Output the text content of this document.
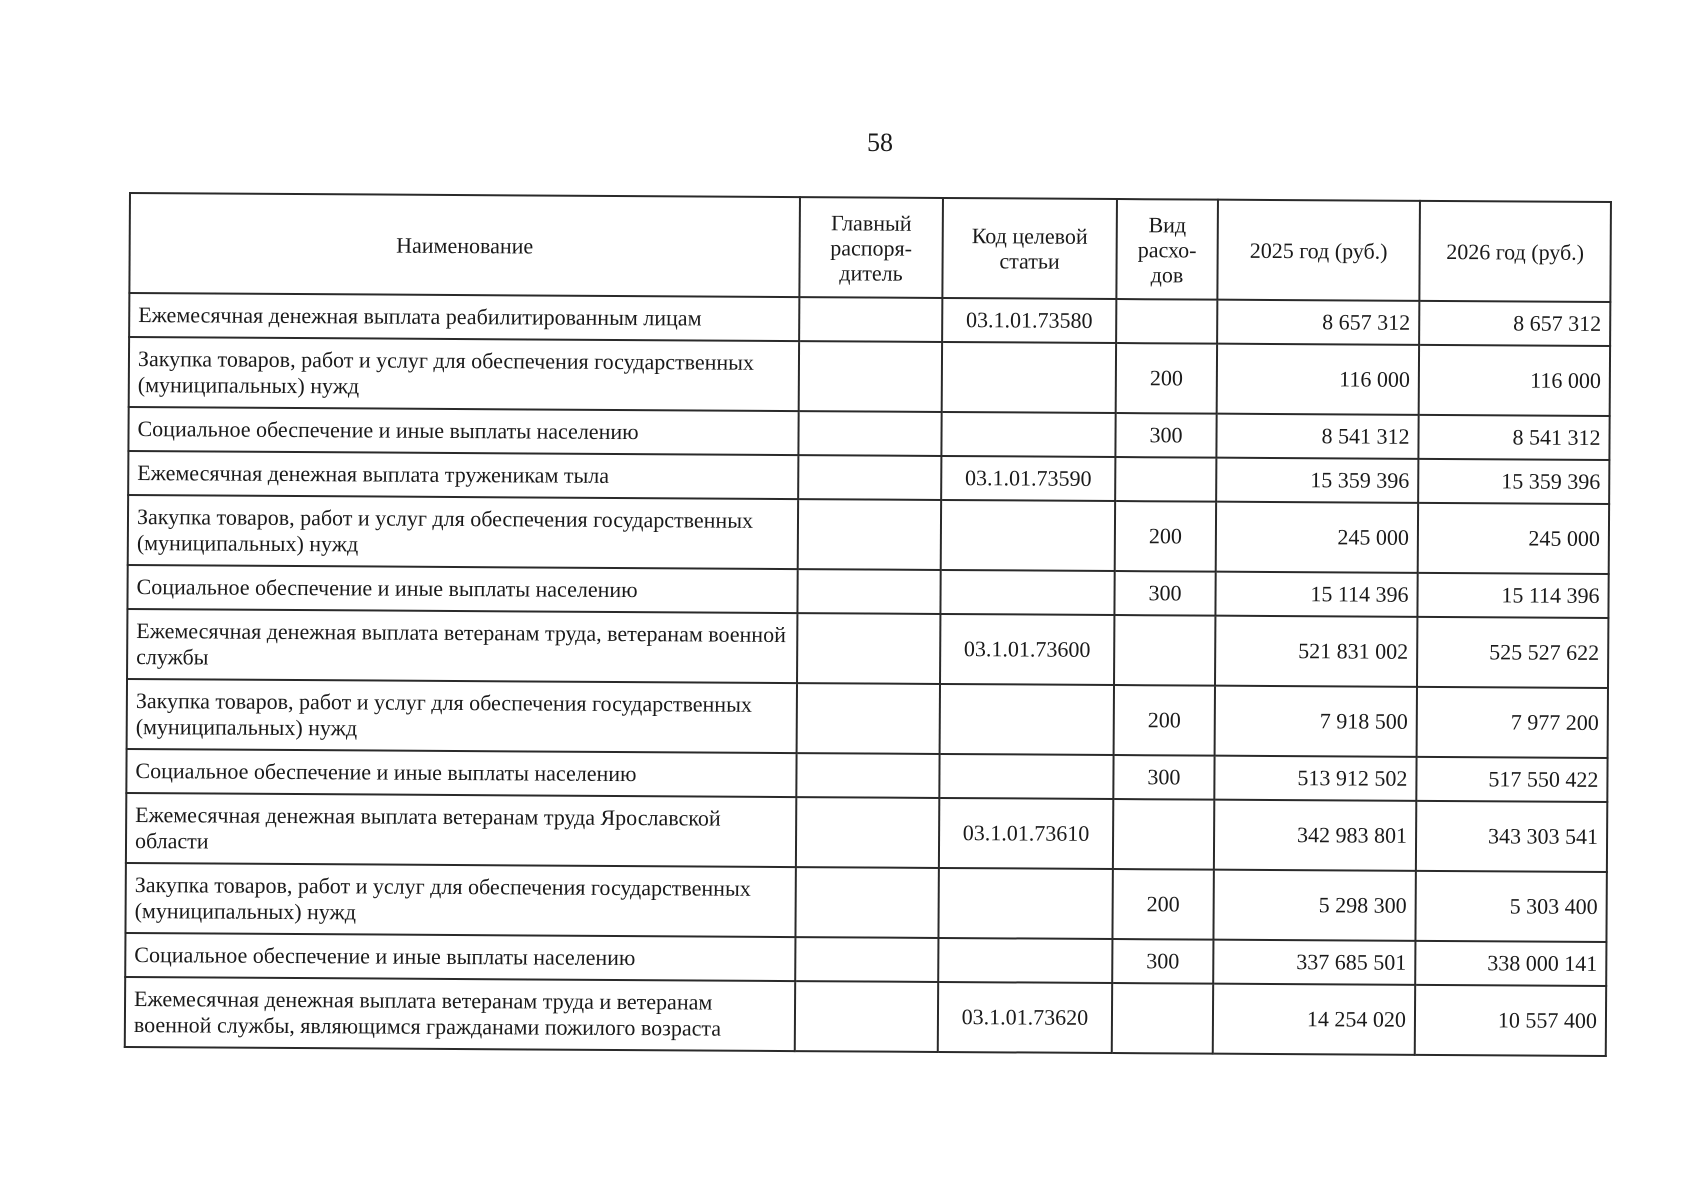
58
Наименование	Главный распоря-дитель	Код целевой статьи	Вид расхо-дов	2025 год (руб.)	2026 год (руб.)
Ежемесячная денежная выплата реабилитированным лицам		03.1.01.73580		8 657 312	8 657 312
Закупка товаров, работ и услуг для обеспечения государственных (муниципальных) нужд			200	116 000	116 000
Социальное обеспечение и иные выплаты населению			300	8 541 312	8 541 312
Ежемесячная денежная выплата труженикам тыла		03.1.01.73590		15 359 396	15 359 396
Закупка товаров, работ и услуг для обеспечения государственных (муниципальных) нужд			200	245 000	245 000
Социальное обеспечение и иные выплаты населению			300	15 114 396	15 114 396
Ежемесячная денежная выплата ветеранам труда, ветеранам военной службы		03.1.01.73600		521 831 002	525 527 622
Закупка товаров, работ и услуг для обеспечения государственных (муниципальных) нужд			200	7 918 500	7 977 200
Социальное обеспечение и иные выплаты населению			300	513 912 502	517 550 422
Ежемесячная денежная выплата ветеранам труда Ярославской области		03.1.01.73610		342 983 801	343 303 541
Закупка товаров, работ и услуг для обеспечения государственных (муниципальных) нужд			200	5 298 300	5 303 400
Социальное обеспечение и иные выплаты населению			300	337 685 501	338 000 141
Ежемесячная денежная выплата ветеранам труда и ветеранам военной службы, являющимся гражданами пожилого возраста		03.1.01.73620		14 254 020	10 557 400
